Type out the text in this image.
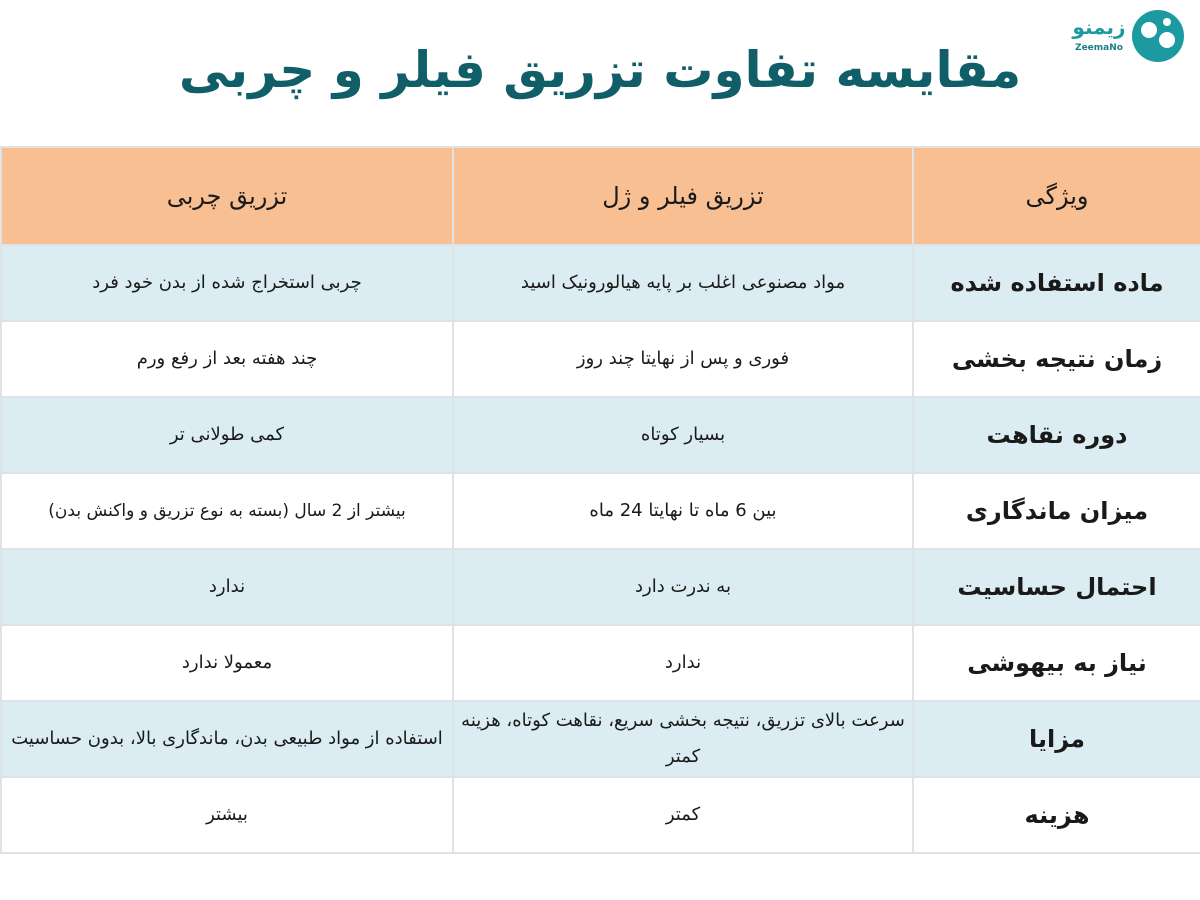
مقایسه تفاوت تزریق فیلر و چربی
زیمنو
ZeemaNo
ویژگی	تزریق فیلر و ژل	تزریق چربی
ماده استفاده شده	مواد مصنوعی اغلب بر پایه هیالورونیک اسید	چربی استخراج شده از بدن خود فرد
زمان نتیجه بخشی	فوری و پس از نهایتا چند روز	چند هفته بعد از رفع ورم
دوره نقاهت	بسیار کوتاه	کمی طولانی تر
میزان ماندگاری	بین 6 ماه تا نهایتا 24 ماه	بیشتر از 2 سال (بسته به نوع تزریق و واکنش بدن)
احتمال حساسیت	به ندرت دارد	ندارد
نیاز به بیهوشی	ندارد	معمولا ندارد
مزایا	سرعت بالای تزریق، نتیجه بخشی سریع، نقاهت کوتاه، هزینه کمتر	استفاده از مواد طبیعی بدن، ماندگاری بالا، بدون حساسیت
هزینه	کمتر	بیشتر
